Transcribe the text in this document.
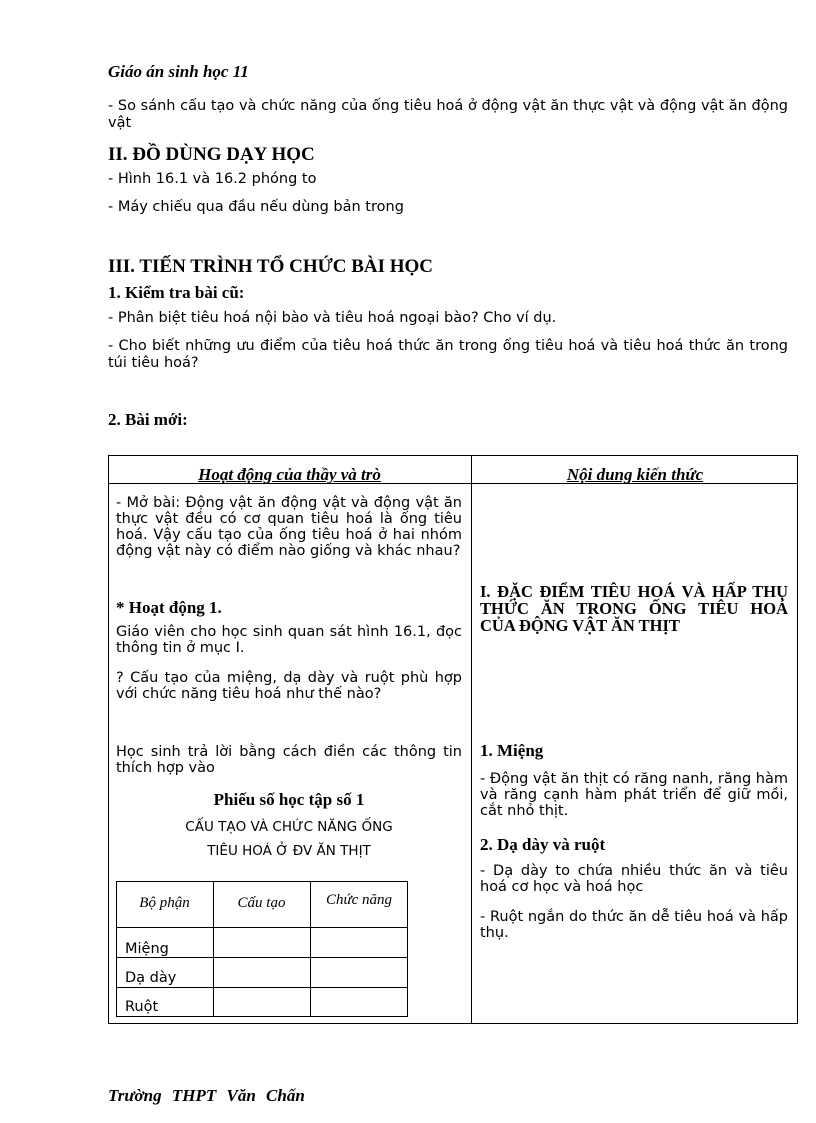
Giáo án sinh học 11
- So sánh cấu tạo và chức năng của ống tiêu hoá ở động vật ăn thực vật và động vật ăn động vật
II. ĐỒ DÙNG DẠY HỌC
- Hình 16.1 và 16.2 phóng to
- Máy chiếu qua đầu nếu dùng bản trong
III. TIẾN TRÌNH TỔ CHỨC BÀI HỌC
1. Kiểm tra bài cũ:
- Phân biệt tiêu hoá nội bào và tiêu hoá ngoại bào? Cho ví dụ.
- Cho biết những ưu điểm của tiêu hoá thức ăn trong ống tiêu hoá và tiêu hoá thức ăn trong túi tiêu hoá?
2. Bài mới:
Hoạt động của thầy và trò	Nội dung kiến thức
- Mở bài: Động vật ăn động vật và động vật ăn thực vật đều có cơ quan tiêu hoá là ống tiêu hoá. Vậy cấu tạo của ống tiêu hoá ở hai nhóm động vật này có điểm nào giống và khác nhau?
* Hoạt động 1.
Giáo viên cho học sinh quan sát hình 16.1, đọc thông tin ở mục I.
? Cấu tạo của miệng, dạ dày và ruột phù hợp với chức năng tiêu hoá như thế nào?
Học sinh trả lời bằng cách điền các thông tin thích hợp vào
Phiếu số học tập số 1
CẤU TẠO VÀ CHỨC NĂNG ỐNG
TIÊU HOÁ Ở ĐV ĂN THỊT
Bộ phận	Cấu tạo	Chức năng
Miệng
Dạ dày
Ruột
I. ĐẶC ĐIỂM TIÊU HOÁ VÀ HẤP THỤ THỨC ĂN TRONG ỐNG TIÊU HOÁ CỦA ĐỘNG VẬT ĂN THỊT
1. Miệng
- Động vật ăn thịt có răng nanh, răng hàm và răng cạnh hàm phát triển để giữ mồi, cắt nhỏ thịt.
2. Dạ dày và ruột
- Dạ dày to chứa nhiều thức ăn và tiêu hoá cơ học và hoá học
- Ruột ngắn do thức ăn dễ tiêu hoá và hấp thụ.
Trường THPT Văn Chấn
